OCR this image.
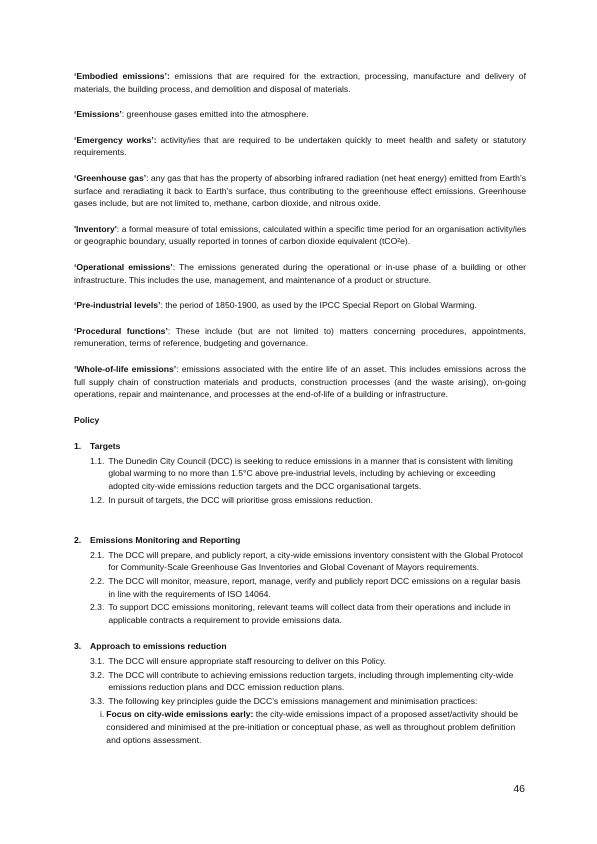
‘Embodied emissions’: emissions that are required for the extraction, processing, manufacture and delivery of materials, the building process, and demolition and disposal of materials.

‘Emissions’: greenhouse gases emitted into the atmosphere.

‘Emergency works’: activity/ies that are required to be undertaken quickly to meet health and safety or statutory requirements.

‘Greenhouse gas’: any gas that has the property of absorbing infrared radiation (net heat energy) emitted from Earth’s surface and reradiating it back to Earth’s surface, thus contributing to the greenhouse effect emissions. Greenhouse gases include, but are not limited to, methane, carbon dioxide, and nitrous oxide.

'Inventory': a formal measure of total emissions, calculated within a specific time period for an organisation activity/ies or geographic boundary, usually reported in tonnes of carbon dioxide equivalent (tCO²e).

‘Operational emissions’: The emissions generated during the operational or in-use phase of a building or other infrastructure. This includes the use, management, and maintenance of a product or structure.

‘Pre-industrial levels’: the period of 1850-1900, as used by the IPCC Special Report on Global Warming.

‘Procedural functions’: These include (but are not limited to) matters concerning procedures, appointments, remuneration, terms of reference, budgeting and governance.

‘Whole-of-life emissions’: emissions associated with the entire life of an asset. This includes emissions across the full supply chain of construction materials and products, construction processes (and the waste arising), on-going operations, repair and maintenance, and processes at the end-of-life of a building or infrastructure.

Policy
1.	Targets
1.1. The Dunedin City Council (DCC) is seeking to reduce emissions in a manner that is consistent with limiting global warming to no more than 1.5°C above pre-industrial levels, including by achieving or exceeding adopted city-wide emissions reduction targets and the DCC organisational targets.
1.2. In pursuit of targets, the DCC will prioritise gross emissions reduction.
2.	Emissions Monitoring and Reporting
2.1. The DCC will prepare, and publicly report, a city-wide emissions inventory consistent with the Global Protocol for Community-Scale Greenhouse Gas Inventories and Global Covenant of Mayors requirements.
2.2. The DCC will monitor, measure, report, manage, verify and publicly report DCC emissions on a regular basis in line with the requirements of ISO 14064.
2.3. To support DCC emissions monitoring, relevant teams will collect data from their operations and include in applicable contracts a requirement to provide emissions data.
3.	Approach to emissions reduction
3.1. The DCC will ensure appropriate staff resourcing to deliver on this Policy.
3.2. The DCC will contribute to achieving emissions reduction targets, including through implementing city-wide emissions reduction plans and DCC emission reduction plans.
3.3. The following key principles guide the DCC’s emissions management and minimisation practices:
i. Focus on city-wide emissions early: the city-wide emissions impact of a proposed asset/activity should be considered and minimised at the pre-initiation or conceptual phase, as well as throughout problem definition and options assessment.
46
